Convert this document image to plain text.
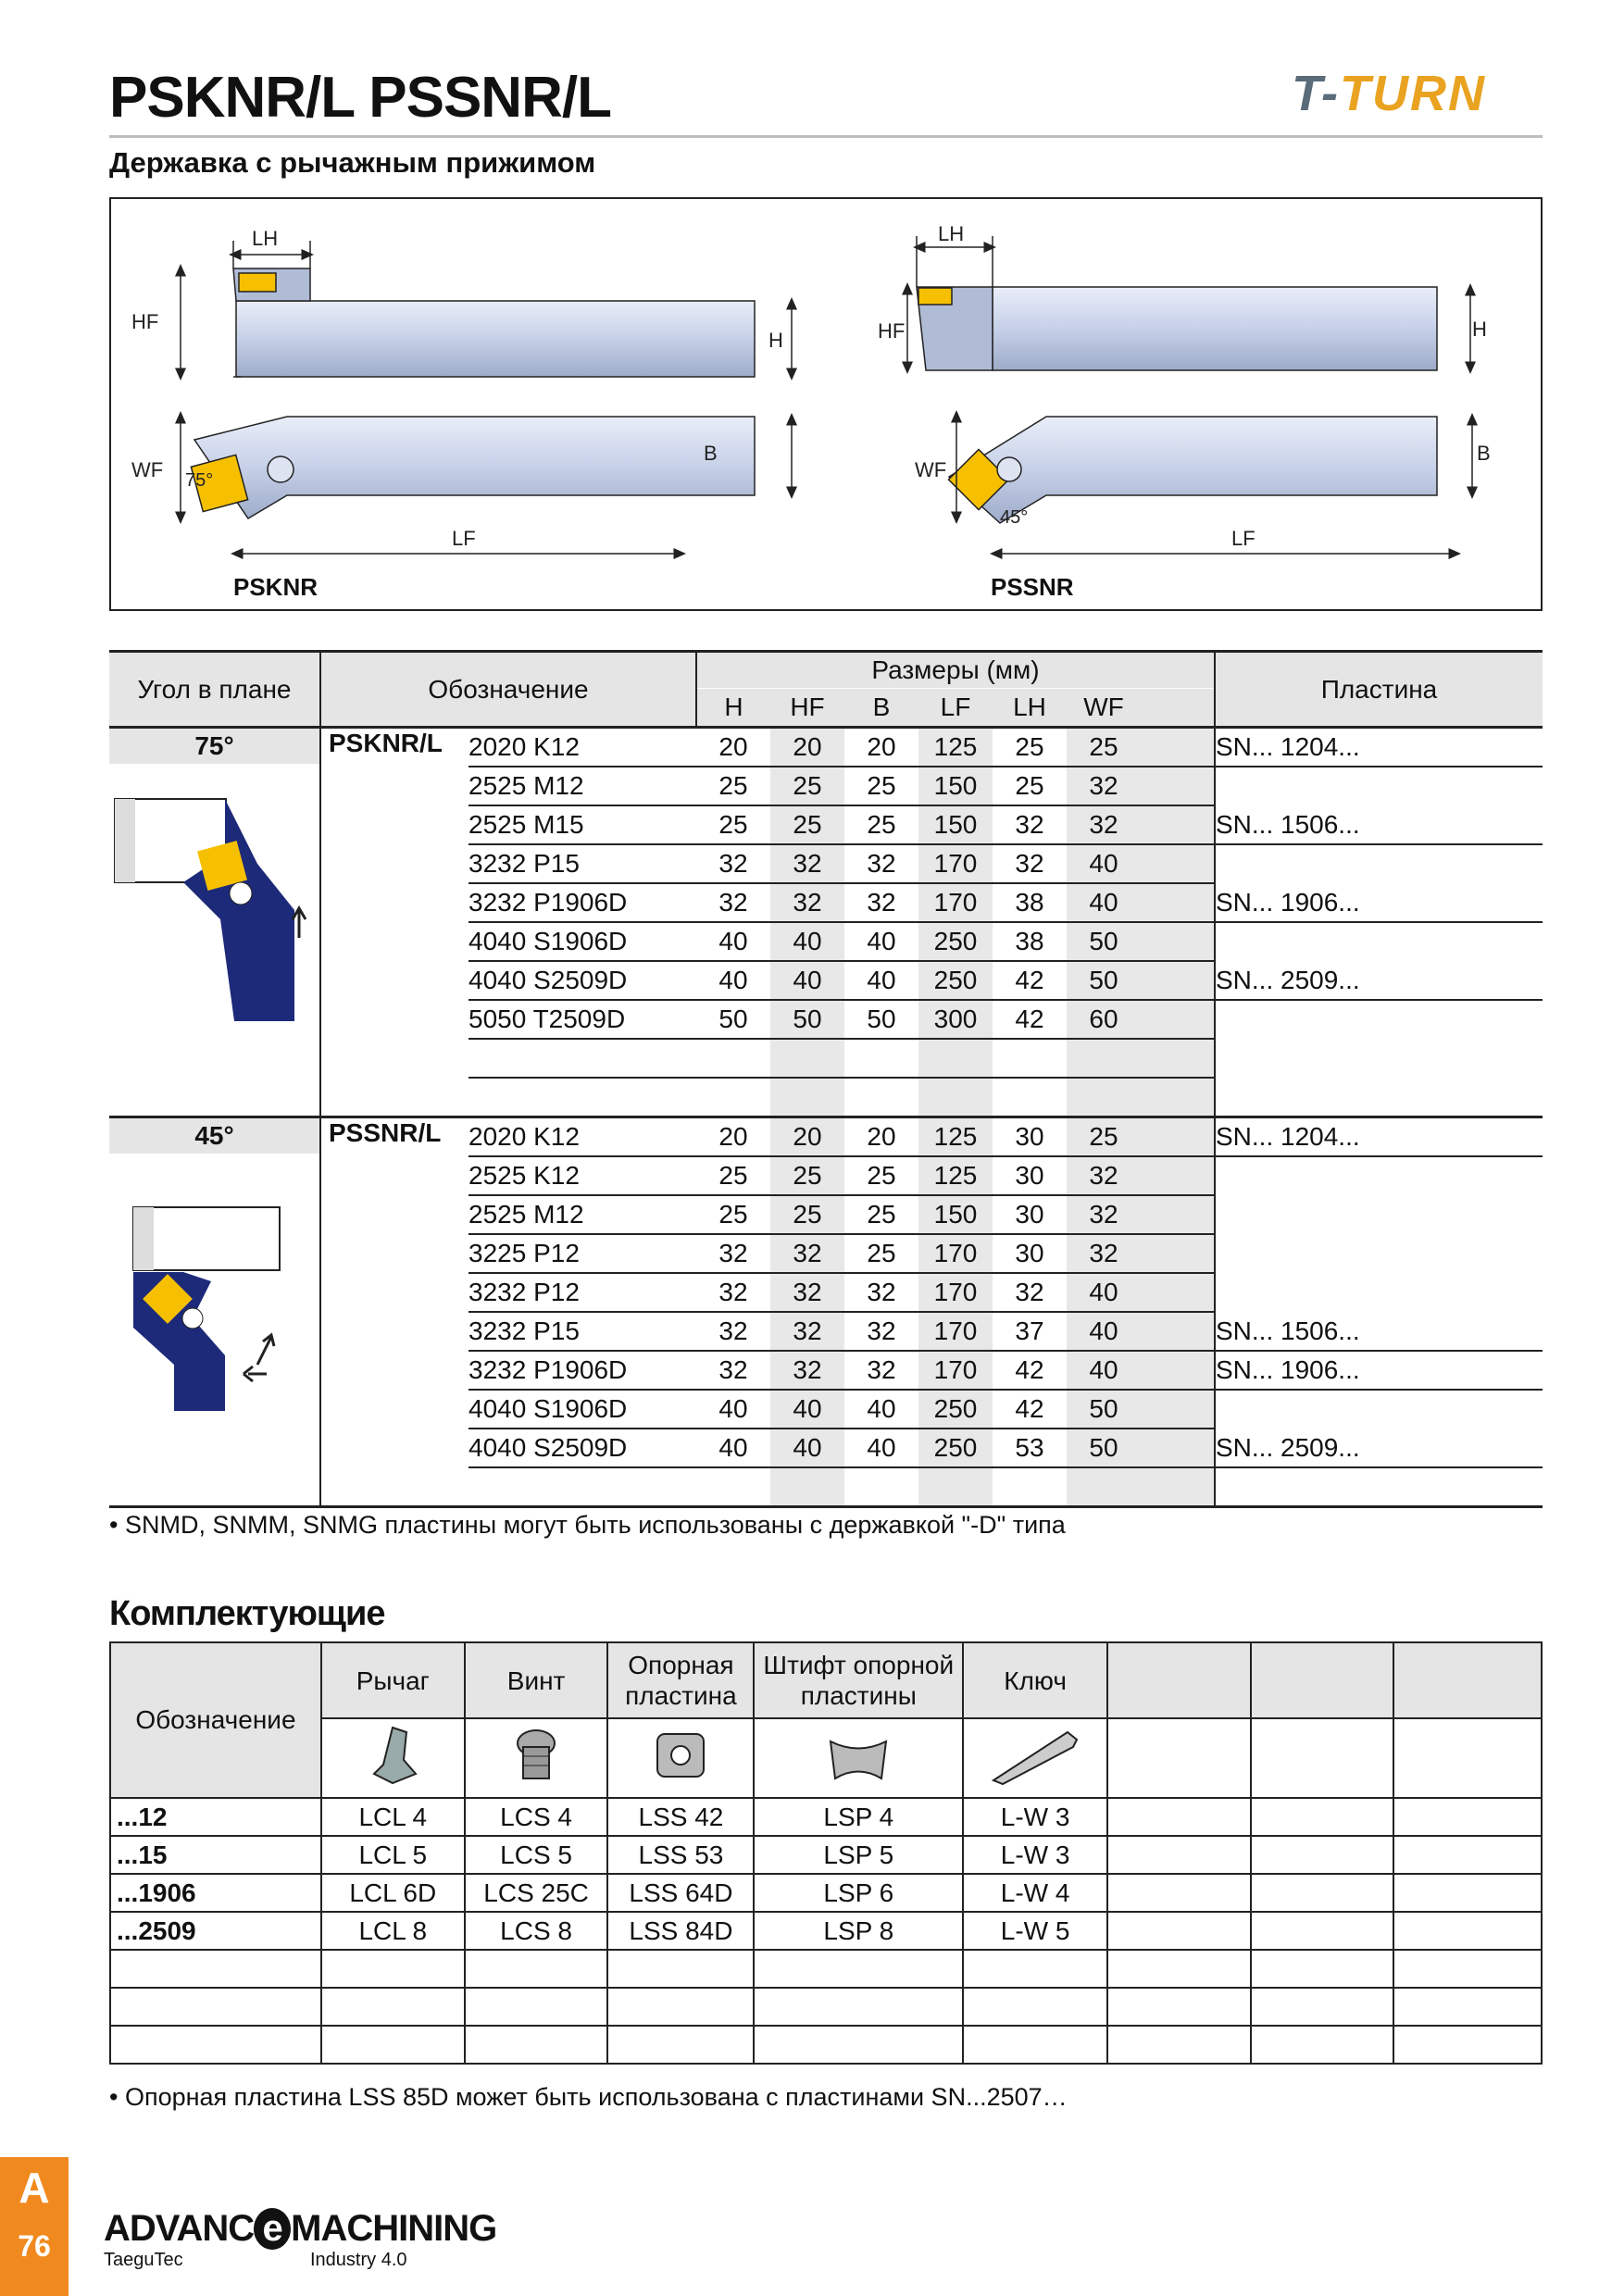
PSKNR/L PSSNR/L	T-TURN
Державка с рычажным прижимом
LH
HF
H
WF 75°
B
LF
PSKNR
LH
HF	H
WF
45°
B
LF
PSSNR
Угол в плане	Обозначение		Размеры (мм)							Пластина
			H	HF	B	LF	LH	WF		

75°	PSKNR/L	2020 K12	20	20	20	125	25	25		SN... 1204...
		2525 M12	25	25	25	150	25	32		
		2525 M15	25	25	25	150	32	32		SN... 1506...
		3232 P15	32	32	32	170	32	40		
		3232 P1906D	32	32	32	170	38	40		SN... 1906...
		4040 S1906D	40	40	40	250	38	50		
		4040 S2509D	40	40	40	250	42	50		SN... 2509...
		5050 T2509D	50	50	50	300	42	60		

45°	PSSNR/L	2020 K12	20	20	20	125	30	25		SN... 1204...
		2525 K12	25	25	25	125	30	32		
		2525 M12	25	25	25	150	30	32		
		3225 P12	32	32	25	170	30	32		
		3232 P12	32	32	32	170	32	40		
		3232 P15	32	32	32	170	37	40		SN... 1506...
		3232 P1906D	32	32	32	170	42	40		SN... 1906...
		4040 S1906D	40	40	40	250	42	50		
		4040 S2509D	40	40	40	250	53	50		SN... 2509...

• SNMD, SNMM, SNMG пластины могут быть использованы с державкой "-D" типа
Комплектующие
Обозначение	Рычаг	Винт	Опорная пластина	Штифт опорной пластины	Ключ			

...12	LCL 4	LCS 4	LSS 42	LSP 4	L-W 3			
...15	LCL 5	LCS 5	LSS 53	LSP 5	L-W 3			
...1906	LCL 6D	LCS 25C	LSS 64D	LSP 6	L-W 4			
...2509	LCL 8	LCS 8	LSS 84D	LSP 8	L-W 5			

• Опорная пластина LSS 85D может быть использована с пластинами SN...2507…
A
76	ADVANC e MACHINING
TaeguTec	Industry 4.0
